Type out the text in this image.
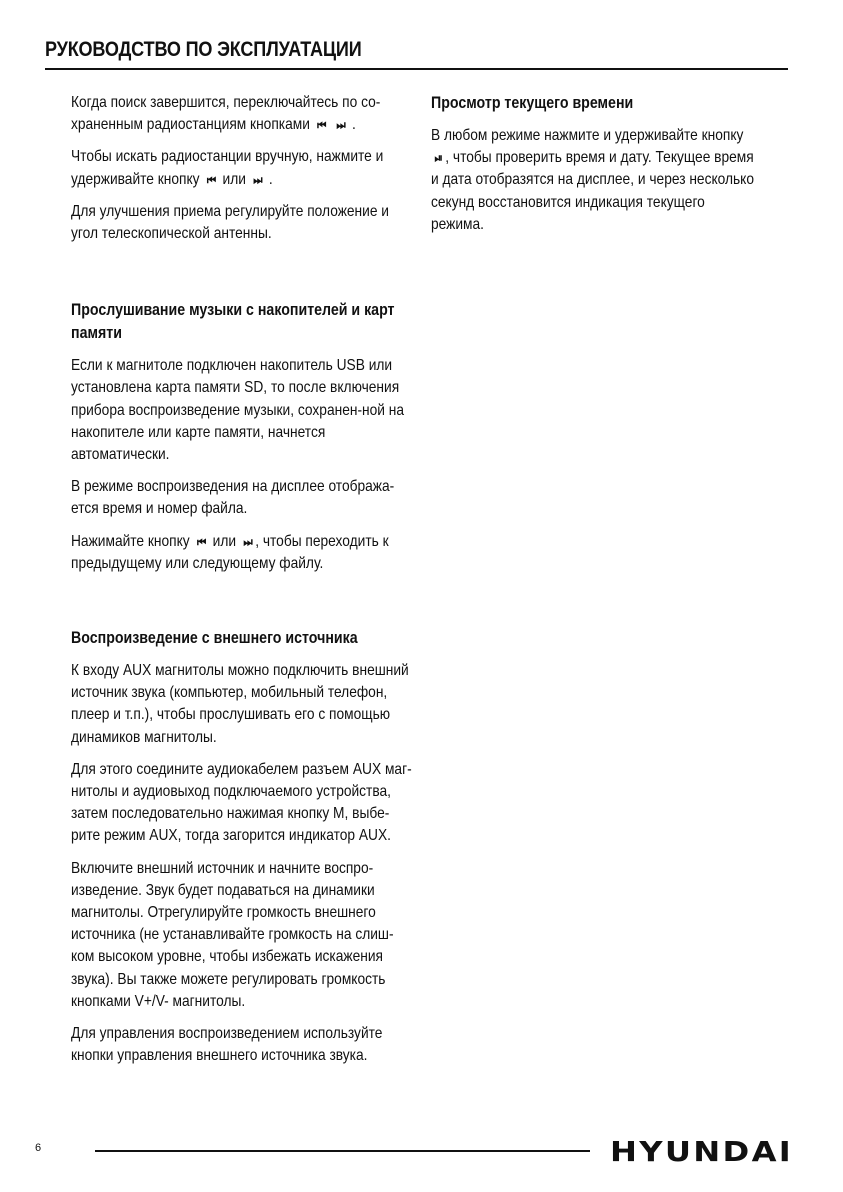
РУКОВОДСТВО ПО ЭКСПЛУАТАЦИИ

Когда поиск завершится, переключайтесь по со-
храненным радиостанциям кнопками ⏮ ⏭ .

Чтобы искать радиостанции вручную, нажмите и
удерживайте кнопку ⏮ или ⏭ .

Для улучшения приема регулируйте положение и угол телескопической антенны.

Прослушивание музыки с накопителей и карт памяти

Если к магнитоле подключен накопитель USB или установлена карта памяти SD, то после включения прибора воспроизведение музыки, сохранен-ной на накопителе или карте памяти, начнется автоматически.

В режиме воспроизведения на дисплее отобража-ется время и номер файла.

Нажимайте кнопку ⏮ или ⏭ , чтобы переходить к предыдущему или следующему файлу.

Воспроизведение с внешнего источника

К входу AUX магнитолы можно подключить внешний источник звука (компьютер, мобильный телефон, плеер и т.п.), чтобы прослушивать его с помощью динамиков магнитолы.

Для этого соедините аудиокабелем разъем AUX маг-нитолы и аудиовыход подключаемого устройства, затем последовательно нажимая кнопку M, выбе-рите режим AUX, тогда загорится индикатор AUX.

Включите внешний источник и начните воспро-изведение. Звук будет подаваться на динамики магнитолы. Отрегулируйте громкость внешнего источника (не устанавливайте громкость на слиш-ком высоком уровне, чтобы избежать искажения звука). Вы также можете регулировать громкость кнопками V+/V- магнитолы.

Для управления воспроизведением используйте кнопки управления внешнего источника звука.

Просмотр текущего времени

В любом режиме нажмите и удерживайте кнопку
⏯ , чтобы проверить время и дату. Текущее время и дата отобразятся на дисплее, и через несколько секунд восстановится индикация текущего режима.

6	HYUNDAI
